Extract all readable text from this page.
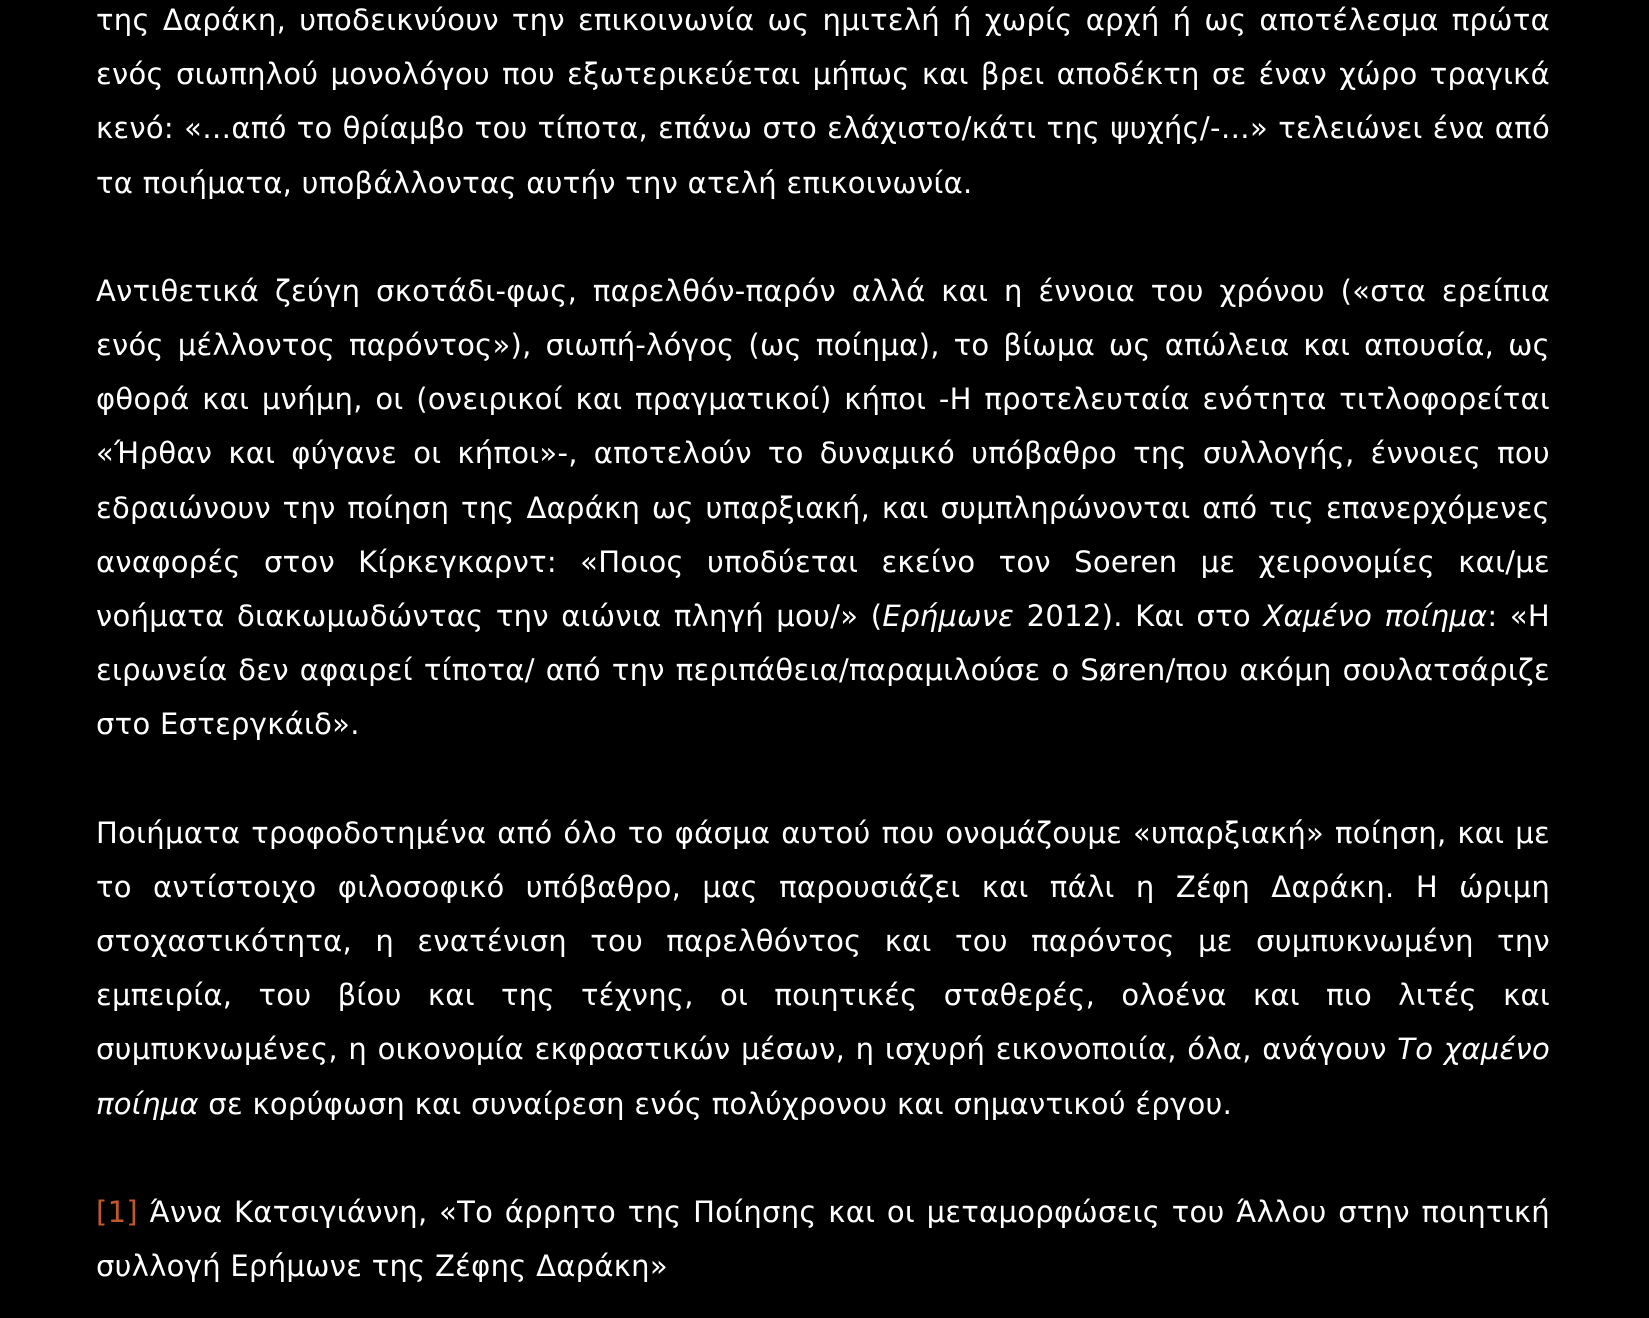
της Δαράκη, υποδεικνύουν την επικοινωνία ως ημιτελή ή χωρίς αρχή ή ως αποτέλεσμα πρώτα ενός σιωπηλού μονολόγου που εξωτερικεύεται μήπως και βρει αποδέκτη σε έναν χώρο τραγικά κενό: «…από το θρίαμβο του τίποτα, επάνω στο ελάχιστο/κάτι της ψυχής/-…» τελειώνει ένα από τα ποιήματα, υποβάλλοντας αυτήν την ατελή επικοινωνία.

Αντιθετικά ζεύγη σκοτάδι-φως, παρελθόν-παρόν αλλά και η έννοια του χρόνου («στα ερείπια ενός μέλλοντος παρόντος»), σιωπή-λόγος (ως ποίημα), το βίωμα ως απώλεια και απουσία, ως φθορά και μνήμη, οι (ονειρικοί και πραγματικοί) κήποι -Η προτελευταία ενότητα τιτλοφορείται «Ήρθαν και φύγανε οι κήποι»-, αποτελούν το δυναμικό υπόβαθρο της συλλογής, έννοιες που εδραιώνουν την ποίηση της Δαράκη ως υπαρξιακή, και συμπληρώνονται από τις επανερχόμενες αναφορές στον Κίρκεγκαρντ: «Ποιος υποδύεται εκείνο τον Soeren με χειρονομίες και/με νοήματα διακωμωδώντας την αιώνια πληγή μου/» (Ερήμωνε 2012). Και στο Χαμένο ποίημα: «Η ειρωνεία δεν αφαιρεί τίποτα/ από την περιπάθεια/παραμιλούσε ο Søren/που ακόμη σουλατσάριζε στο Εστεργκάιδ».

Ποιήματα τροφοδοτημένα από όλο το φάσμα αυτού που ονομάζουμε «υπαρξιακή» ποίηση, και με το αντίστοιχο φιλοσοφικό υπόβαθρο, μας παρουσιάζει και πάλι η Ζέφη Δαράκη. Η ώριμη στοχαστικότητα, η ενατένιση του παρελθόντος και του παρόντος με συμπυκνωμένη την εμπειρία, του βίου και της τέχνης, οι ποιητικές σταθερές, ολοένα και πιο λιτές και συμπυκνωμένες, η οικονομία εκφραστικών μέσων, η ισχυρή εικονοποιία, όλα, ανάγουν Το χαμένο ποίημα σε κορύφωση και συναίρεση ενός πολύχρονου και σημαντικού έργου.

[1] Άννα Κατσιγιάννη, «Το άρρητο της Ποίησης και οι μεταμορφώσεις του Άλλου στην ποιητική συλλογή Ερήμωνε της Ζέφης Δαράκη»
